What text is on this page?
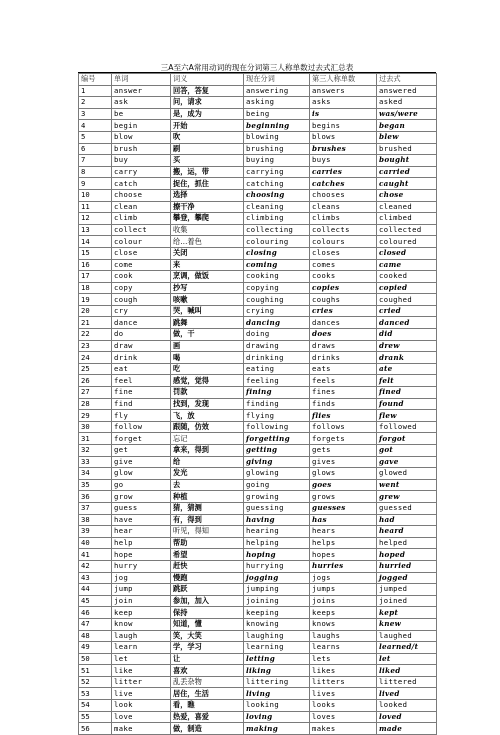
三A至六A常用动词的现在分词第三人称单数过去式汇总表
编号	单词	词义	现在分词	第三人称单数	过去式
1	answer	回答，答复	answering	answers	answered
2	ask	问，请求	asking	asks	asked
3	be	是，成为	being	is	was/were
4	begin	开始	beginning	begins	began
5	blow	吹	blowing	blows	blew
6	brush	刷	brushing	brushes	brushed
7	buy	买	buying	buys	bought
8	carry	搬，运，带	carrying	carries	carried
9	catch	捉住，抓住	catching	catches	caught
10	choose	选择	choosing	chooses	chose
11	clean	擦干净	cleaning	cleans	cleaned
12	climb	攀登，攀爬	climbing	climbs	climbed
13	collect	收集	collecting	collects	collected
14	colour	给…着色	colouring	colours	coloured
15	close	关闭	closing	closes	closed
16	come	来	coming	comes	came
17	cook	烹调，做饭	cooking	cooks	cooked
18	copy	抄写	copying	copies	copied
19	cough	咳嗽	coughing	coughs	coughed
20	cry	哭，喊叫	crying	cries	cried
21	dance	跳舞	dancing	dances	danced
22	do	做，干	doing	does	did
23	draw	画	drawing	draws	drew
24	drink	喝	drinking	drinks	drank
25	eat	吃	eating	eats	ate
26	feel	感觉，觉得	feeling	feels	felt
27	fine	罚款	fining	fines	fined
28	find	找到，发现	finding	finds	found
29	fly	飞，放	flying	flies	flew
30	follow	跟随，仿效	following	follows	followed
31	forget	忘记	forgetting	forgets	forgot
32	get	拿来，得到	getting	gets	got
33	give	给	giving	gives	gave
34	glow	发光	glowing	glows	glowed
35	go	去	going	goes	went
36	grow	种植	growing	grows	grew
37	guess	猜，猜测	guessing	guesses	guessed
38	have	有，得到	having	has	had
39	hear	听见，得知	hearing	hears	heard
40	help	帮助	helping	helps	helped
41	hope	希望	hoping	hopes	hoped
42	hurry	赶快	hurrying	hurries	hurried
43	jog	慢跑	jogging	jogs	jogged
44	jump	跳跃	jumping	jumps	jumped
45	join	参加，加入	joining	joins	joined
46	keep	保持	keeping	keeps	kept
47	know	知道，懂	knowing	knows	knew
48	laugh	笑，大笑	laughing	laughs	laughed
49	learn	学，学习	learning	learns	learned/t
50	let	让	letting	lets	let
51	like	喜欢	liking	likes	liked
52	litter	乱丢杂物	littering	litters	littered
53	live	居住，生活	living	lives	lived
54	look	看，瞧	looking	looks	looked
55	love	热爱，喜爱	loving	loves	loved
56	make	做，制造	making	makes	made
